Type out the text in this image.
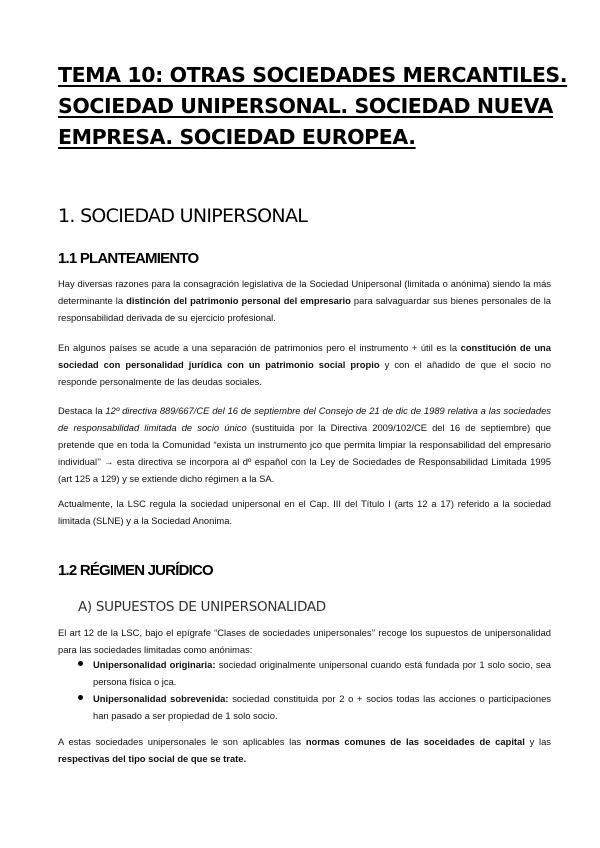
TEMA 10: OTRAS SOCIEDADES MERCANTILES. SOCIEDAD UNIPERSONAL. SOCIEDAD NUEVA EMPRESA. SOCIEDAD EUROPEA.
1. SOCIEDAD UNIPERSONAL
1.1 PLANTEAMIENTO
Hay diversas razones para la consagración legislativa de la Sociedad Unipersonal (limitada o anónima) siendo la más determinante la distinción del patrimonio personal del empresario para salvaguardar sus bienes personales de la responsabilidad derivada de su ejercicio profesional.
En algunos países se acude a una separación de patrimonios pero el instrumento + útil es la constitución de una sociedad con personalidad jurídica con un patrimonio social propio y con el añadido de que el socio no responde personalmente de las deudas sociales.
Destaca la 12º directiva 889/667/CE del 16 de septiembre del Consejo de 21 de dic de 1989 relativa a las sociedades de responsabilidad limitada de socio único (sustituida por la Directiva 2009/102/CE del 16 de septiembre) que pretende que en toda la Comunidad “exista un instrumento jco que permita limpiar la responsabilidad del empresario individual’’ → esta directiva se incorpora al dº español con la Ley de Sociedades de Responsabilidad Limitada 1995 (art 125 a 129) y se extiende dicho régimen a la SA.
Actualmente, la LSC regula la sociedad unipersonal en el Cap. III del Título I (arts 12 a 17) referido a la sociedad limitada (SLNE) y a la Sociedad Anonima.
1.2 RÉGIMEN JURÍDICO
A) SUPUESTOS DE UNIPERSONALIDAD
El art 12 de la LSC, bajo el epígrafe “Clases de sociedades unipersonales’’ recoge los supuestos de unipersonalidad para las sociedades limitadas como anónimas:
Unipersonalidad originaria: sociedad originalmente unipersonal cuando está fundada por 1 solo socio, sea persona física o jca.
Unipersonalidad sobrevenida: sociedad constituida por 2 o + socios todas las acciones o participaciones han pasado a ser propiedad de 1 solo socio.
A estas sociedades unipersonales le son aplicables las normas comunes de las soceidades de capital y las respectivas del tipo social de que se trate.
